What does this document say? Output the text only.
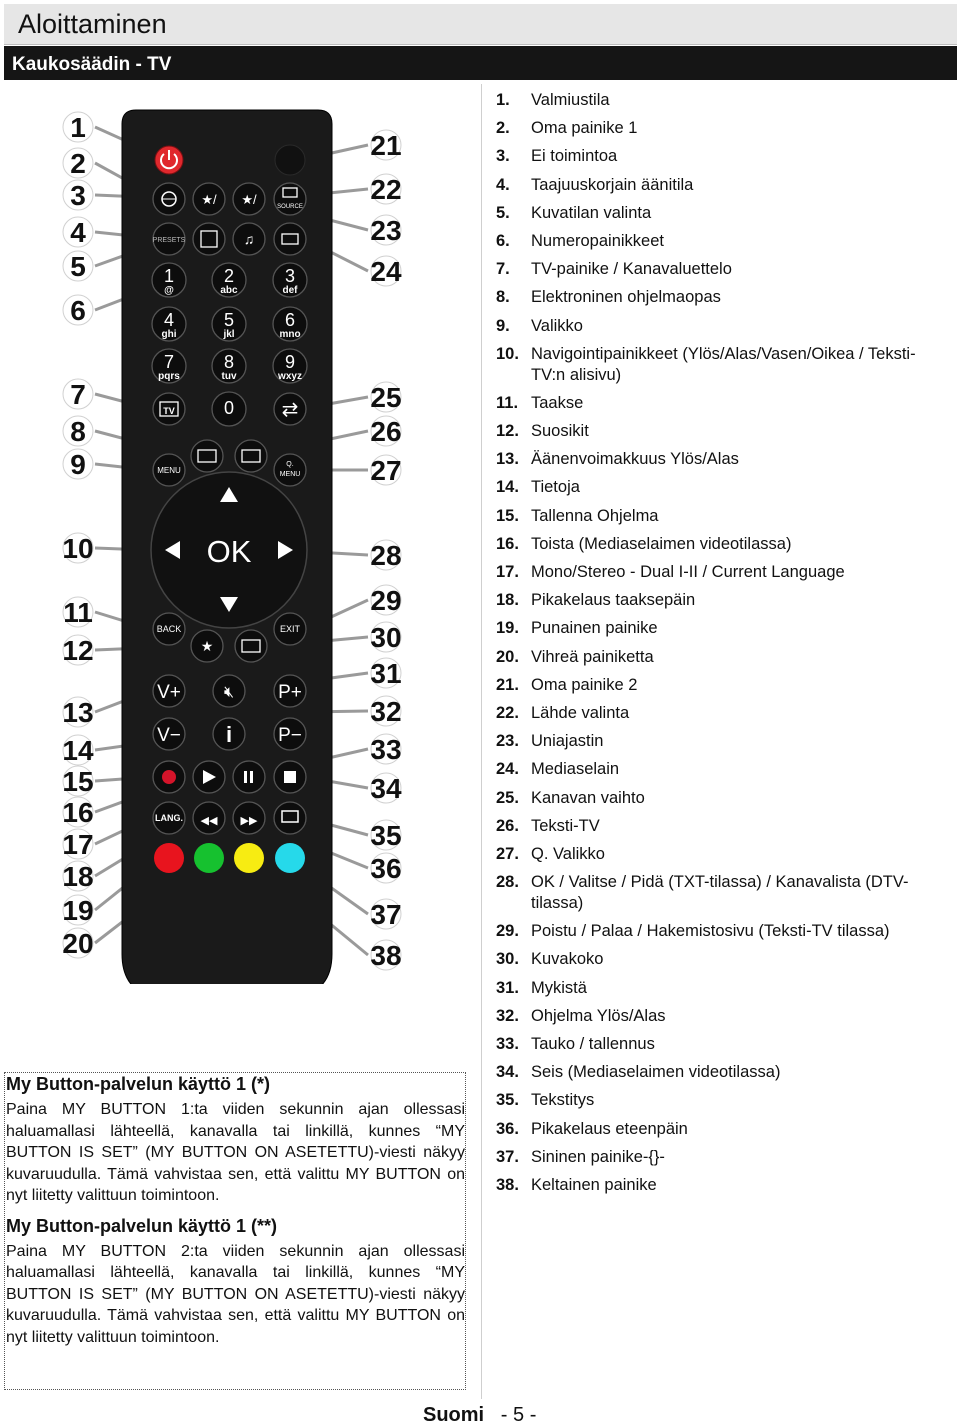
Aloittaminen
Kaukosäädin - TV
★/ ★/	SOURCE
PRESETS	♫
1
@
2
abc
3
def
4
ghi
5
jkl
6
mno
7
pqrs
8
tuv
9
wxyz
TV	0 ⇄
MENU
Q.
MENU
OK
BACK	EXIT
★
V+	🔇︎ P+
V− i P−
LANG. ◀◀ ▶▶
1
2
3
4
5
6
7
8
9
10
11
12
13
14
15
16
17
18
19
20
21
22
23
24
25
26
27
28
29
30
31
32
33
34
35
36
37
38
1. Valmiustila
2. Oma painike 1
3. Ei toimintoa
4. Taajuuskorjain äänitila
5. Kuvatilan valinta
6. Numeropainikkeet
7. TV-painike / Kanavaluettelo
8. Elektroninen ohjelmaopas
9. Valikko
10. Navigointipainikkeet (Ylös/Alas/Vasen/Oikea / Teksti-TV:n alisivu)
11. Taakse
12. Suosikit
13. Äänenvoimakkuus Ylös/Alas
14. Tietoja
15. Tallenna Ohjelma
16. Toista (Mediaselaimen videotilassa)
17. Mono/Stereo - Dual I-II / Current Language
18. Pikakelaus taaksepäin
19. Punainen painike
20. Vihreä painiketta
21. Oma painike 2
22. Lähde valinta
23. Uniajastin
24. Mediaselain
25. Kanavan vaihto
26. Teksti-TV
27. Q. Valikko
28. OK / Valitse / Pidä (TXT-tilassa) / Kanavalista (DTV-tilassa)
29. Poistu / Palaa / Hakemistosivu (Teksti-TV tilassa)
30. Kuvakoko
31. Mykistä
32. Ohjelma Ylös/Alas
33. Tauko / tallennus
34. Seis (Mediaselaimen videotilassa)
35. Tekstitys
36. Pikakelaus eteenpäin
37. Sininen painike-{}-
38. Keltainen painike
My Button-palvelun käyttö 1 (*)

Paina MY BUTTON 1:ta viiden sekunnin ajan ollessasi haluamallasi lähteellä, kanavalla tai linkillä, kunnes “MY BUTTON IS SET” (MY BUTTON ON ASETETTU)-viesti näkyy kuvaruudulla. Tämä vahvistaa sen, että valittu MY BUTTON on nyt liitetty valittuun toimintoon.

My Button-palvelun käyttö 1 (**)

Paina MY BUTTON 2:ta viiden sekunnin ajan ollessasi haluamallasi lähteellä, kanavalla tai linkillä, kunnes “MY BUTTON IS SET” (MY BUTTON ON ASETETTU)-viesti näkyy kuvaruudulla. Tämä vahvistaa sen, että valittu MY BUTTON on nyt liitetty valittuun toimintoon.

Suomi - 5 -
